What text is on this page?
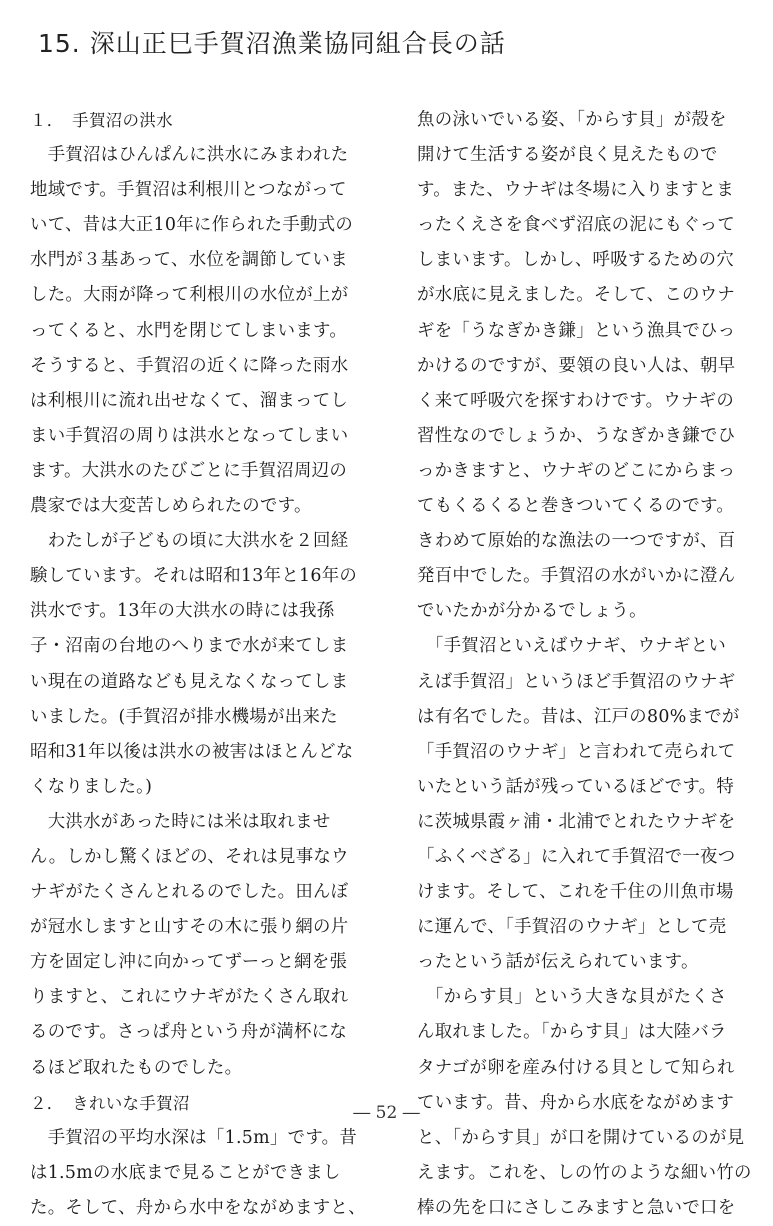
15. 深山正巳手賀沼漁業協同組合長の話
１．　手賀沼の洪水
　手賀沼はひんぱんに洪水にみまわれた
地域です。手賀沼は利根川とつながって
いて、昔は大正10年に作られた手動式の
水門が３基あって、水位を調節していま
した。大雨が降って利根川の水位が上が
ってくると、水門を閉じてしまいます。
そうすると、手賀沼の近くに降った雨水
は利根川に流れ出せなくて、溜まってし
まい手賀沼の周りは洪水となってしまい
ます。大洪水のたびごとに手賀沼周辺の
農家では大変苦しめられたのです。
　わたしが子どもの頃に大洪水を２回経
験しています。それは昭和13年と16年の
洪水です。13年の大洪水の時には我孫
子・沼南の台地のへりまで水が来てしま
い現在の道路なども見えなくなってしま
いました。(手賀沼が排水機場が出来た
昭和31年以後は洪水の被害はほとんどな
くなりました。)
　大洪水があった時には米は取れませ
ん。しかし驚くほどの、それは見事なウ
ナギがたくさんとれるのでした。田んぼ
が冠水しますと山すその木に張り網の片
方を固定し沖に向かってずーっと網を張
りますと、これにウナギがたくさん取れ
るのです。さっぱ舟という舟が満杯にな
るほど取れたものでした。
２．　きれいな手賀沼
　手賀沼の平均水深は「1.5m」です。昔
は1.5mの水底まで見ることができまし
た。そして、舟から水中をながめますと、
魚の泳いでいる姿、「からす貝」が殻を
開けて生活する姿が良く見えたもので
す。また、ウナギは冬場に入りますとま
ったくえさを食べず沼底の泥にもぐって
しまいます。しかし、呼吸するための穴
が水底に見えました。そして、このウナ
ギを「うなぎかき鎌」という漁具でひっ
かけるのですが、要領の良い人は、朝早
く来て呼吸穴を探すわけです。ウナギの
習性なのでしょうか、うなぎかき鎌でひ
っかきますと、ウナギのどこにからまっ
てもくるくると巻きついてくるのです。
きわめて原始的な漁法の一つですが、百
発百中でした。手賀沼の水がいかに澄ん
でいたかが分かるでしょう。
　「手賀沼といえばウナギ、ウナギとい
えば手賀沼」というほど手賀沼のウナギ
は有名でした。昔は、江戸の80%までが
「手賀沼のウナギ」と言われて売られて
いたという話が残っているほどです。特
に茨城県霞ヶ浦・北浦でとれたウナギを
「ふくべざる」に入れて手賀沼で一夜つ
けます。そして、これを千住の川魚市場
に運んで、「手賀沼のウナギ」として売
ったという話が伝えられています。
　「からす貝」という大きな貝がたくさ
ん取れました。「からす貝」は大陸バラ
タナゴが卵を産み付ける貝として知られ
ています。昔、舟から水底をながめます
と、「からす貝」が口を開けているのが見
えます。これを、しの竹のような細い竹の
棒の先を口にさしこみますと急いで口を
― 52 ―
